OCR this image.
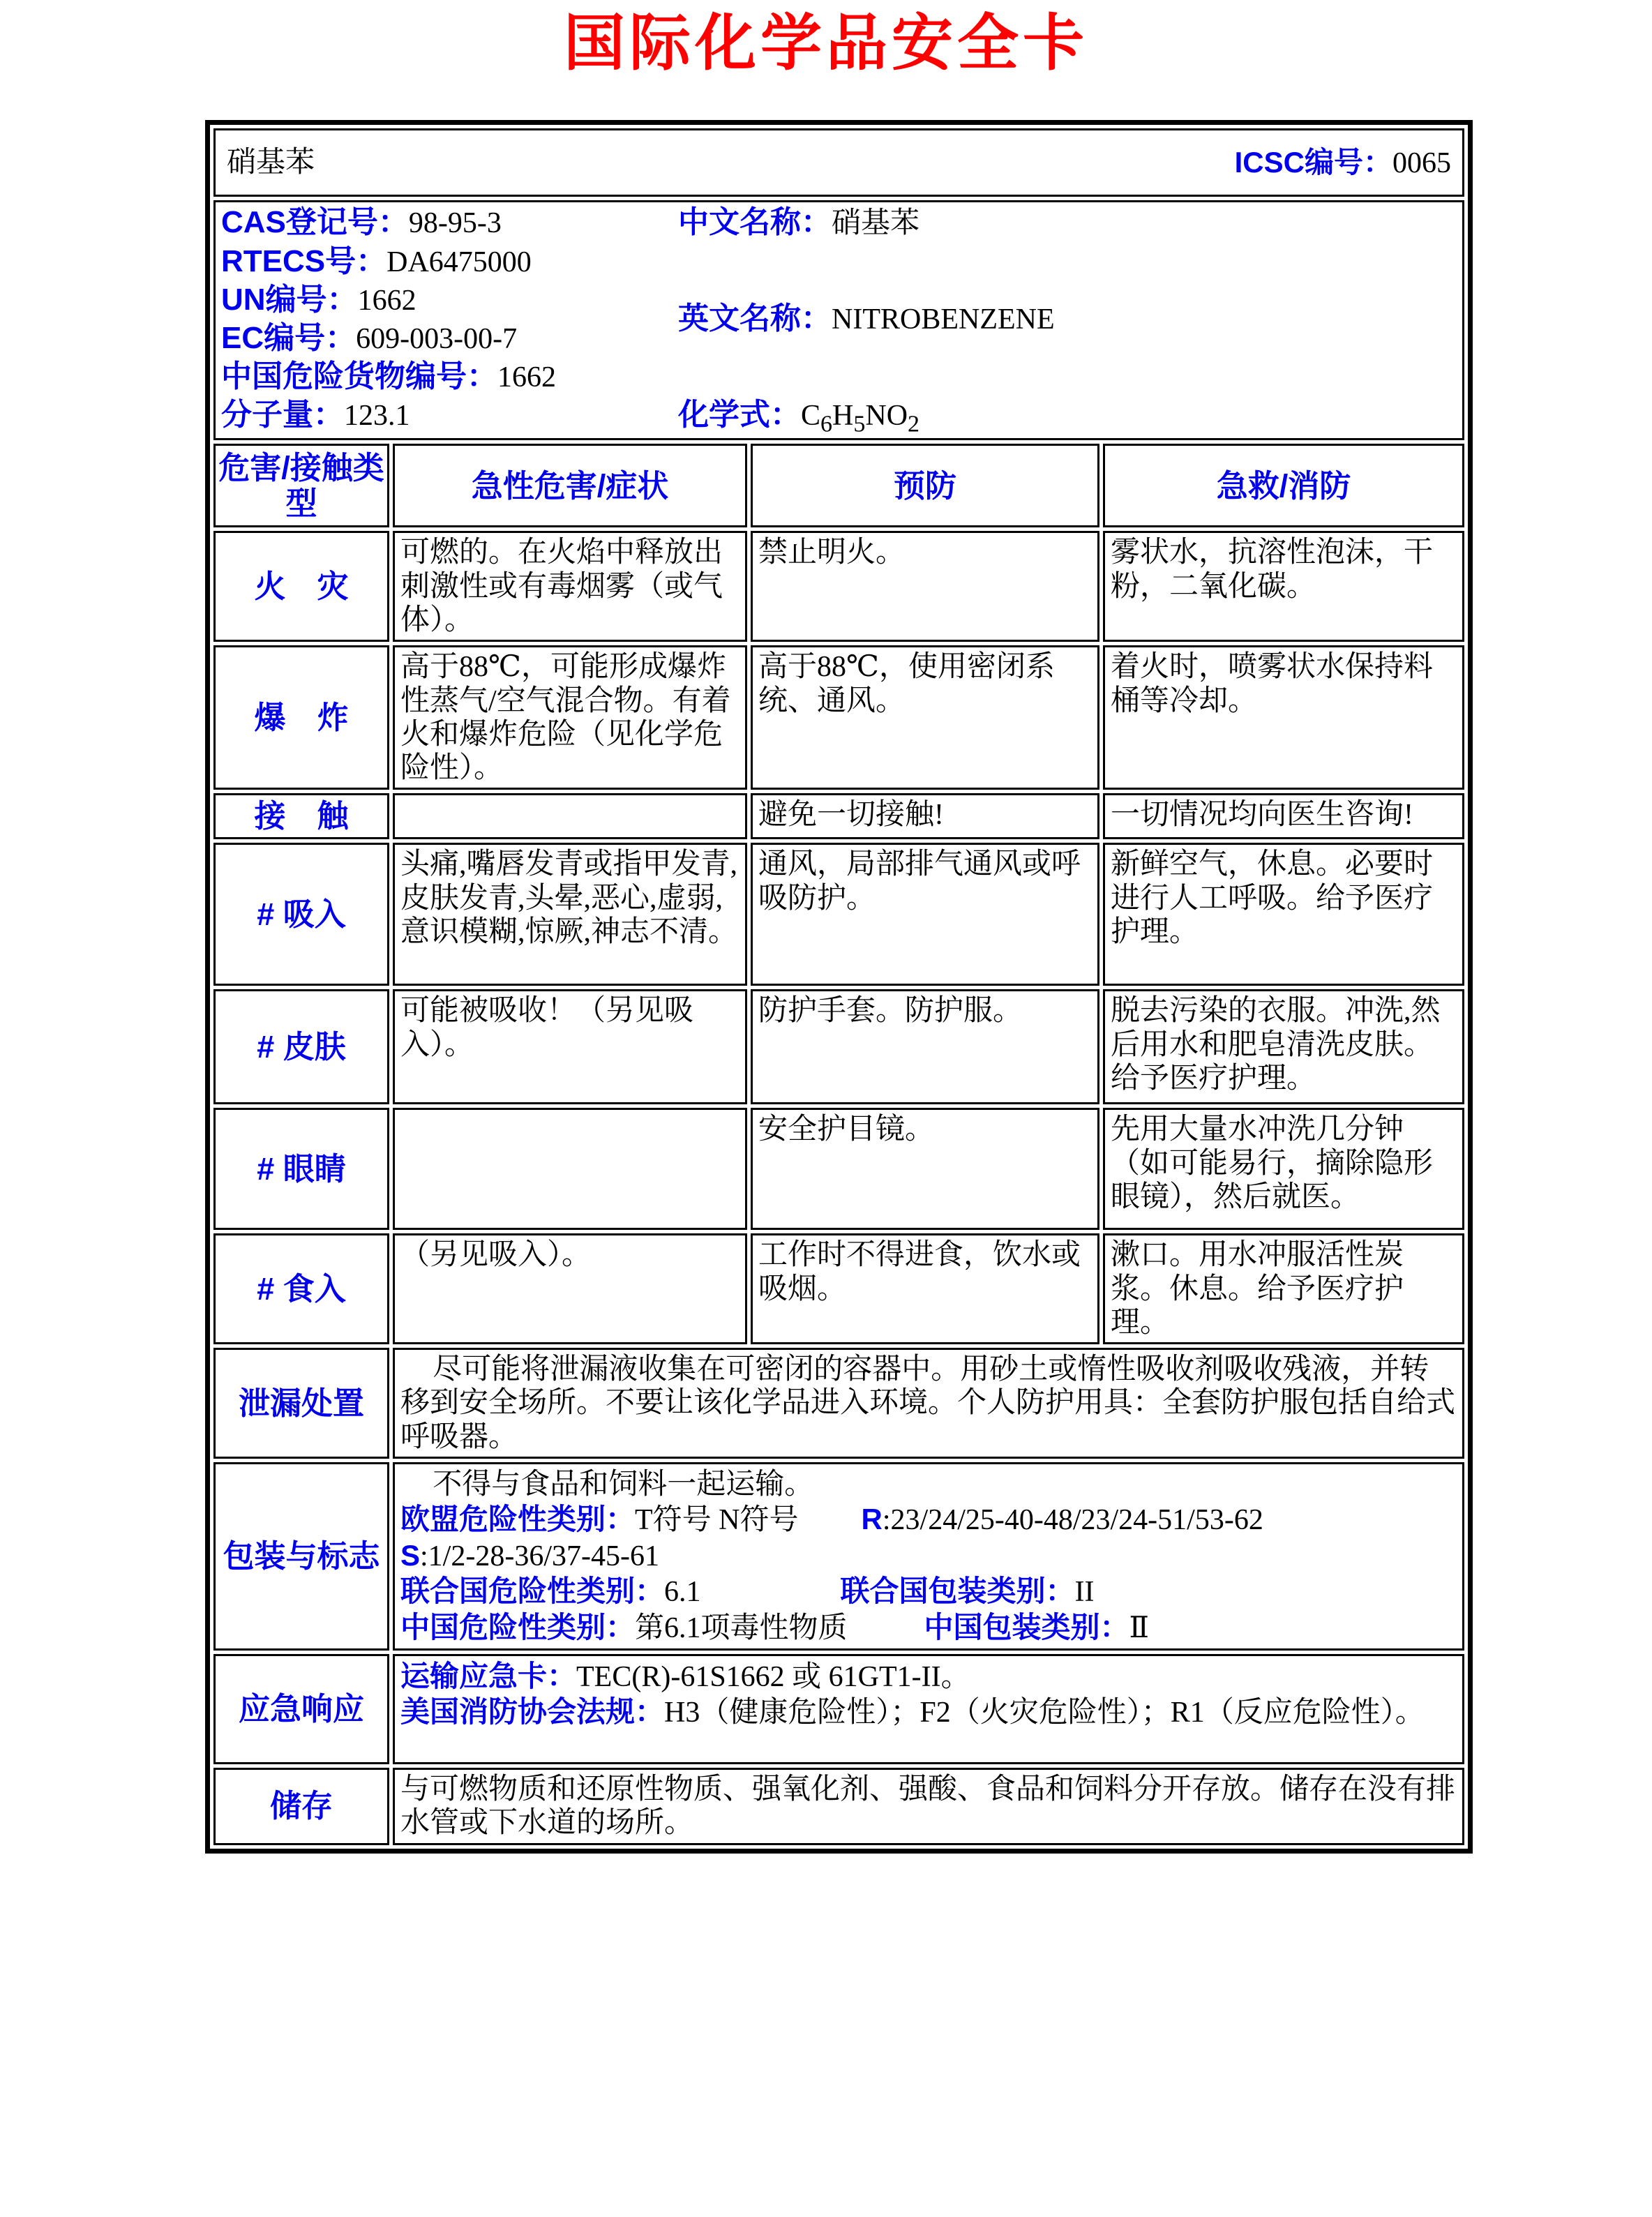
国际化学品安全卡
硝基苯 ICSC编号：0065			

CAS登记号： 98-95-3
RTECS号： DA6475000
UN编号： 1662
EC编号： 609-003-00-7
中国危险货物编号： 1662
分子量： 123.1
中文名称： 硝基苯
英文名称： NITROBENZENE
化学式： $C_6H_5NO_2$

危害/接触类型	急性危害/症状	预防	急救/消防
火　灾	可燃的。在火焰中释放出刺激性或有毒烟雾（或气体）。	禁止明火。	雾状水，抗溶性泡沫，干粉，二氧化碳。
爆　炸	高于88℃，可能形成爆炸性蒸气/空气混合物。有着火和爆炸危险（见化学危险性）。	高于88℃，使用密闭系统、通风。	着火时，喷雾状水保持料桶等冷却。
接　触		避免一切接触!	一切情况均向医生咨询!
# 吸入	头痛,嘴唇发青或指甲发青,皮肤发青,头晕,恶心,虚弱,意识模糊,惊厥,神志不清。	通风，局部排气通风或呼吸防护。	新鲜空气，休息。必要时进行人工呼吸。给予医疗护理。
# 皮肤	可能被吸收！（另见吸入）。	防护手套。防护服。	脱去污染的衣服。冲洗,然后用水和肥皂清洗皮肤。给予医疗护理。
# 眼睛		安全护目镜。	先用大量水冲洗几分钟（如可能易行，摘除隐形眼镜），然后就医。
# 食入	（另见吸入）。	工作时不得进食，饮水或吸烟。	漱口。用水冲服活性炭浆。休息。给予医疗护理。
泄漏处置	尽可能将泄漏液收集在可密闭的容器中。用砂土或惰性吸收剂吸收残液，并转移到安全场所。不要让该化学品进入环境。个人防护用具：全套防护服包括自给式呼吸器。		

包装与标志	不得与食品和饲料一起运输。
欧盟危险性类别：T符号 N符号 R:23/24/25-40-48/23/24-51/53-62
S:1/2-28-36/37-45-61
联合国危险性类别：6.1 联合国包装类别：II
中国危险性类别：第6.1项毒性物质 中国包装类别：Ⅱ		

应急响应	运输应急卡：TEC(R)-61S1662 或 61GT1-II。
美国消防协会法规：H3（健康危险性）；F2（火灾危险性）；R1（反应危险性）。		

储存	与可燃物质和还原性物质、强氧化剂、强酸、食品和饲料分开存放。储存在没有排水管或下水道的场所。		
